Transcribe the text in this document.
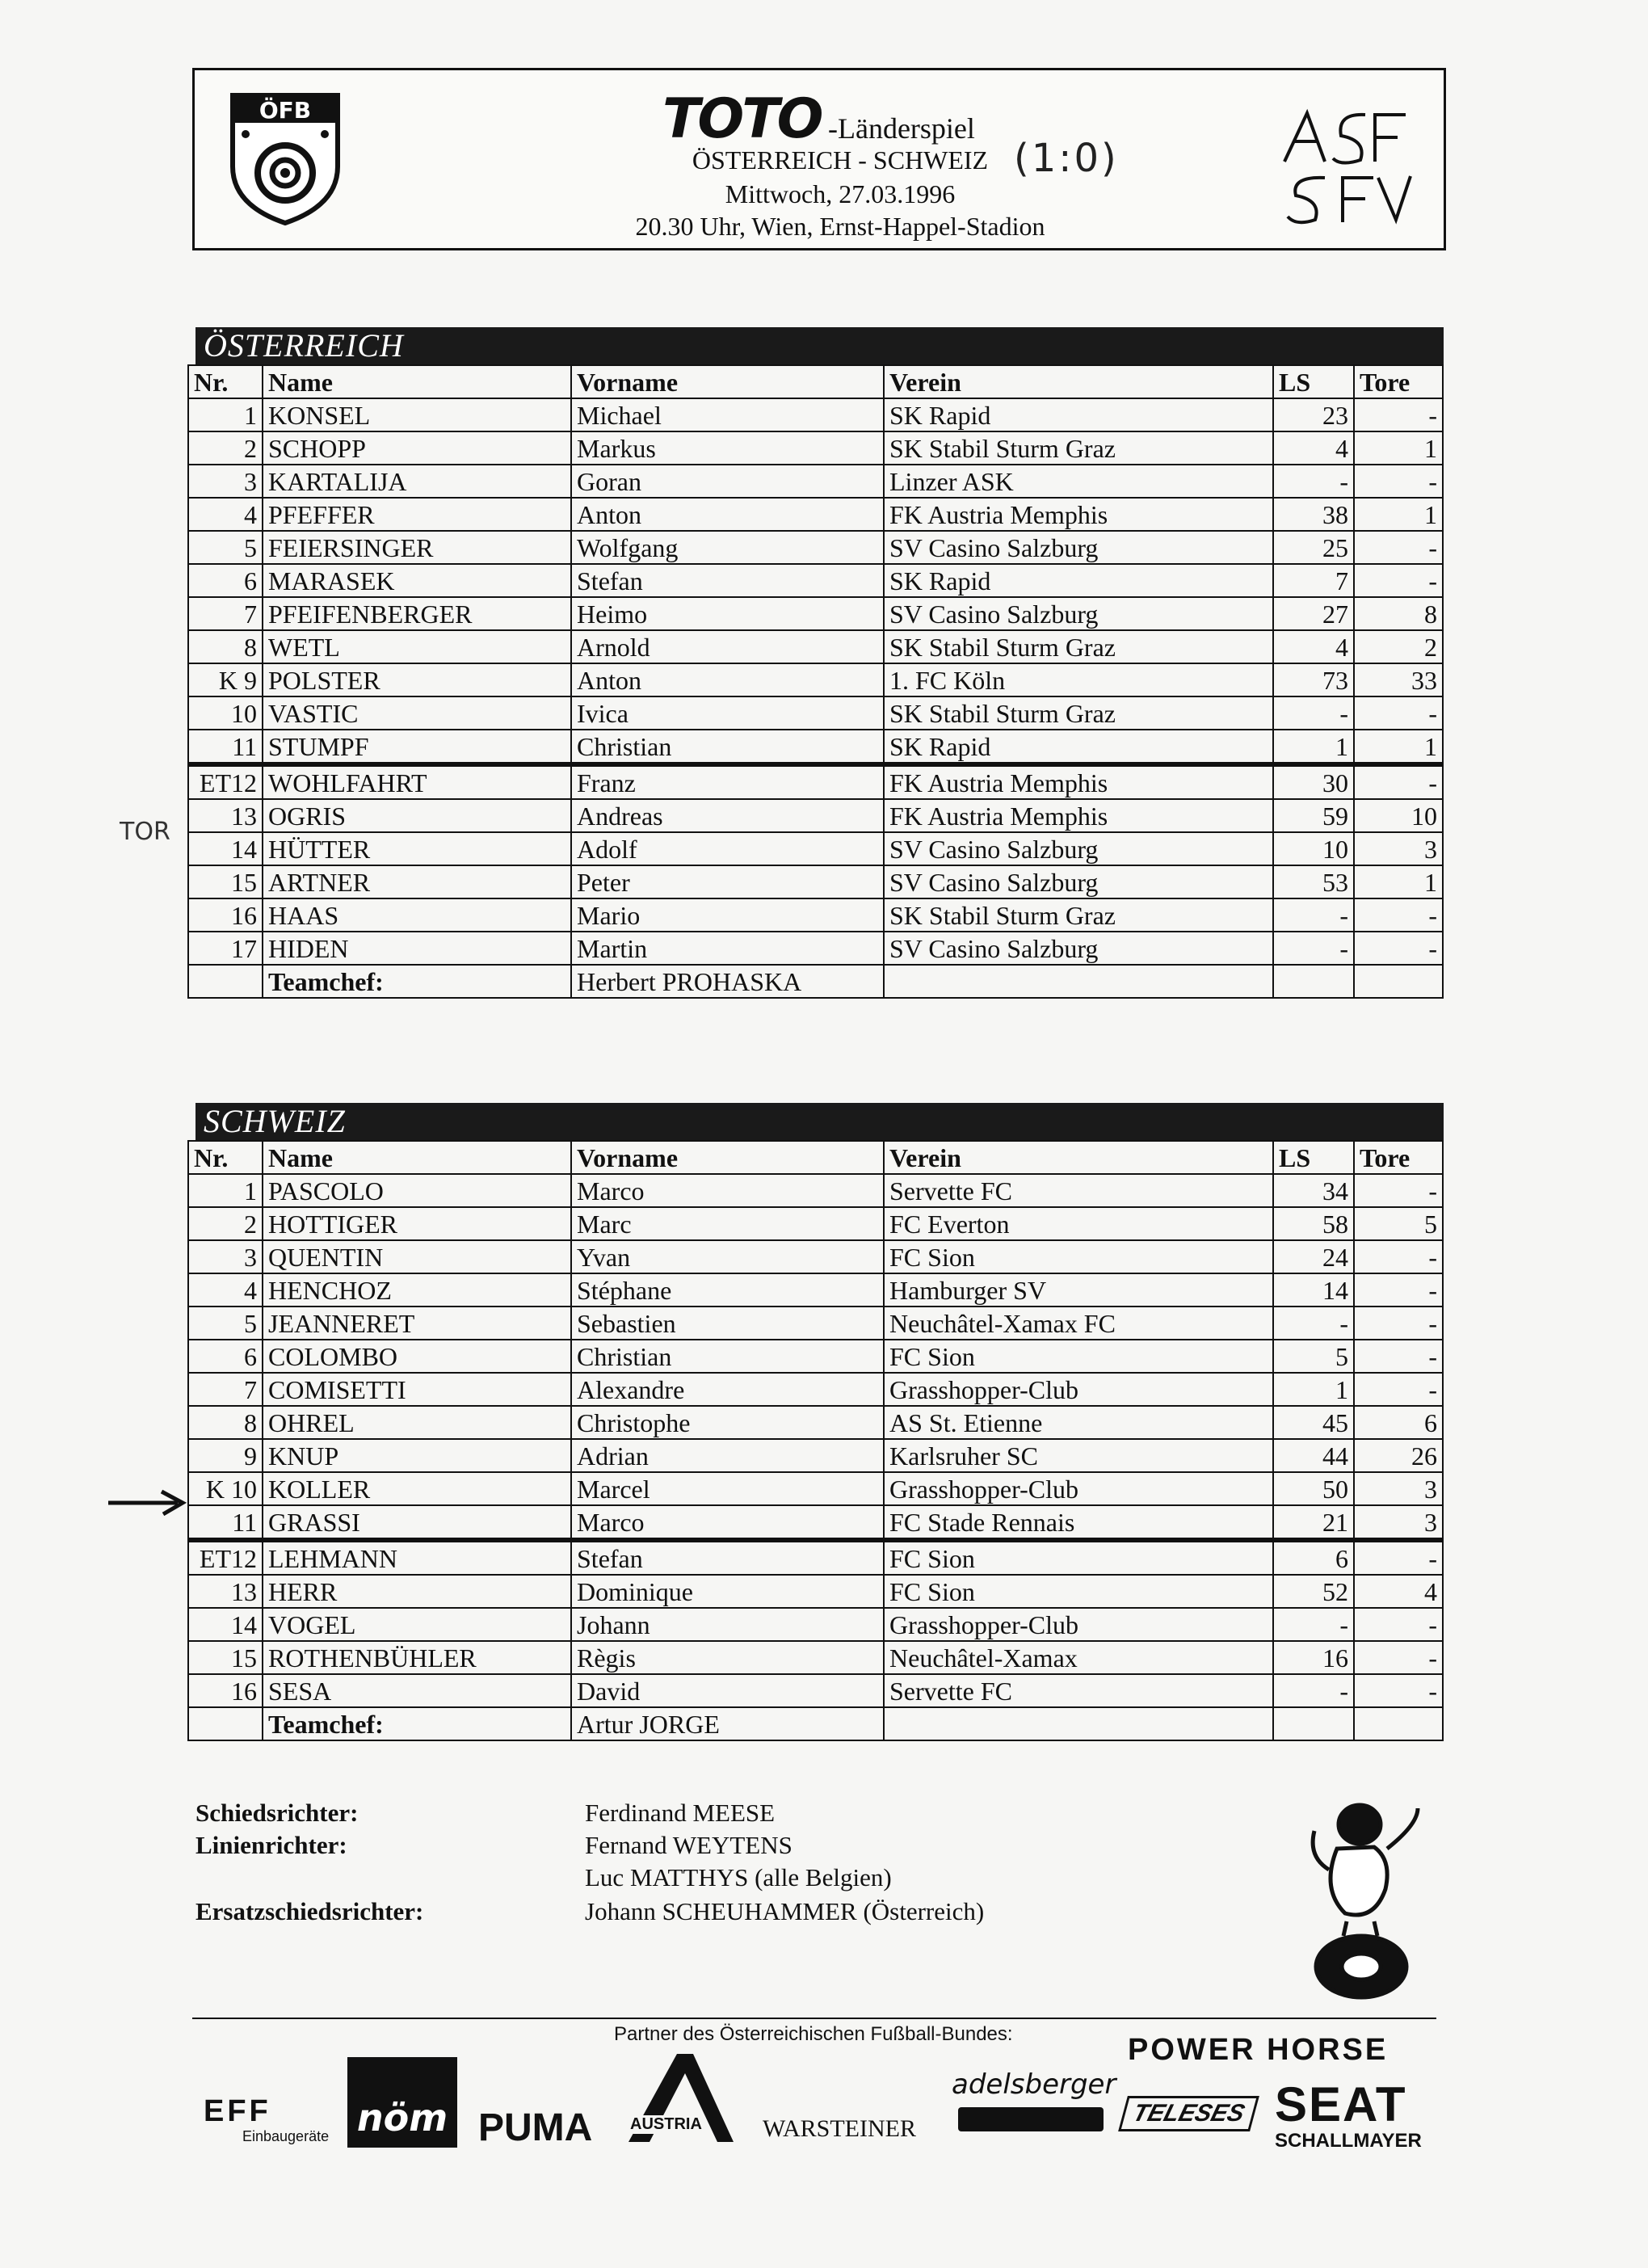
ÖFB	TOTO -Länderspiel
ÖSTERREICH - SCHWEIZ
Mittwoch, 27.03.1996
20.30 Uhr, Wien, Ernst-Happel-Stadion
(1:0)
ASF SFV
ÖSTERREICH
Nr.	Name	Vorname	Verein	LS	Tore
1	KONSEL	Michael	SK Rapid	23	-
2	SCHOPP	Markus	SK Stabil Sturm Graz	4	1
3	KARTALIJA	Goran	Linzer ASK	-	-
4	PFEFFER	Anton	FK Austria Memphis	38	1
5	FEIERSINGER	Wolfgang	SV Casino Salzburg	25	-
6	MARASEK	Stefan	SK Rapid	7	-
7	PFEIFENBERGER	Heimo	SV Casino Salzburg	27	8
8	WETL	Arnold	SK Stabil Sturm Graz	4	2
K 9	POLSTER	Anton	1. FC Köln	73	33
10	VASTIC	Ivica	SK Stabil Sturm Graz	-	-
11	STUMPF	Christian	SK Rapid	1	1
ET12	WOHLFAHRT	Franz	FK Austria Memphis	30	-
13	OGRIS	Andreas	FK Austria Memphis	59	10
14	HÜTTER	Adolf	SV Casino Salzburg	10	3
15	ARTNER	Peter	SV Casino Salzburg	53	1
16	HAAS	Mario	SK Stabil Sturm Graz	-	-
17	HIDEN	Martin	SV Casino Salzburg	-	-
	Teamchef:	Herbert PROHASKA			
SCHWEIZ
Nr.	Name	Vorname	Verein	LS	Tore
1	PASCOLO	Marco	Servette FC	34	-
2	HOTTIGER	Marc	FC Everton	58	5
3	QUENTIN	Yvan	FC Sion	24	-
4	HENCHOZ	Stéphane	Hamburger SV	14	-
5	JEANNERET	Sebastien	Neuchâtel-Xamax FC	-	-
6	COLOMBO	Christian	FC Sion	5	-
7	COMISETTI	Alexandre	Grasshopper-Club	1	-
8	OHREL	Christophe	AS St. Etienne	45	6
9	KNUP	Adrian	Karlsruher SC	44	26
K 10	KOLLER	Marcel	Grasshopper-Club	50	3
11	GRASSI	Marco	FC Stade Rennais	21	3
ET12	LEHMANN	Stefan	FC Sion	6	-
13	HERR	Dominique	FC Sion	52	4
14	VOGEL	Johann	Grasshopper-Club	-	-
15	ROTHENBÜHLER	Règis	Neuchâtel-Xamax	16	-
16	SESA	David	Servette FC	-	-
	Teamchef:	Artur JORGE			
TOR
Schiedsrichter:	Ferdinand MEESE
Linienrichter:	Fernand WEYTENS
Luc MATTHYS (alle Belgien)
Ersatzschiedsrichter:	Johann SCHEUHAMMER (Österreich)
Partner des Österreichischen Fußball-Bundes:
EFF
Einbaugeräte nöm PUMA AUSTRIA	WARSTEINER
adelsberger
TELESES
POWER HORSE
SEAT
SCHALLMAYER
